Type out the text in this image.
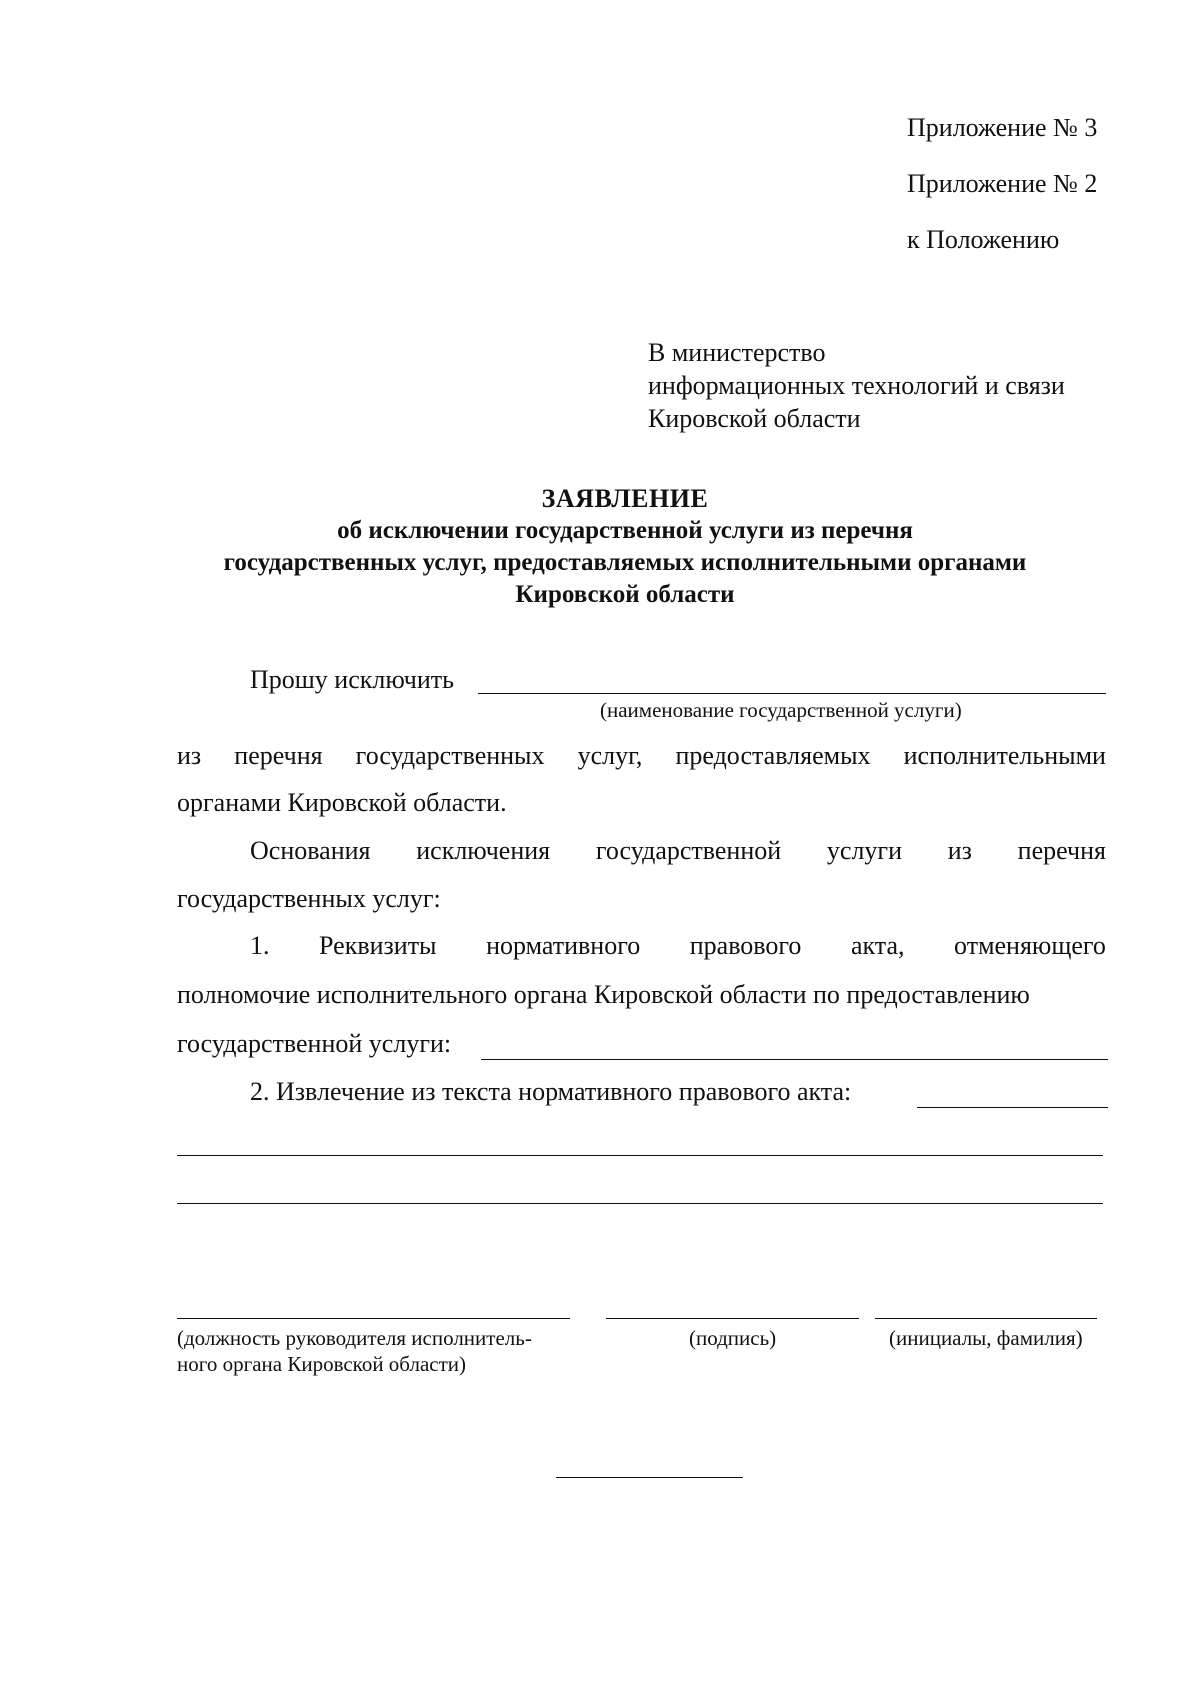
Приложение № 3
Приложение № 2
к Положению
В министерство
информационных технологий и связи
Кировской области
ЗАЯВЛЕНИЕ
об исключении государственной услуги из перечня
государственных услуг, предоставляемых исполнительными органами
Кировской области
Прошу исключить
(наименование государственной услуги)
из перечня государственных услуг, предоставляемых исполнительными
органами Кировской области.
Основания исключения государственной услуги из перечня
государственных услуг:
1. Реквизиты нормативного правового акта, отменяющего
полномочие исполнительного органа Кировской области по предоставлению
государственной услуги:
2. Извлечение из текста нормативного правового акта:
(должность руководителя исполнитель-
ного органа Кировской области)
(подпись)	(инициалы, фамилия)
